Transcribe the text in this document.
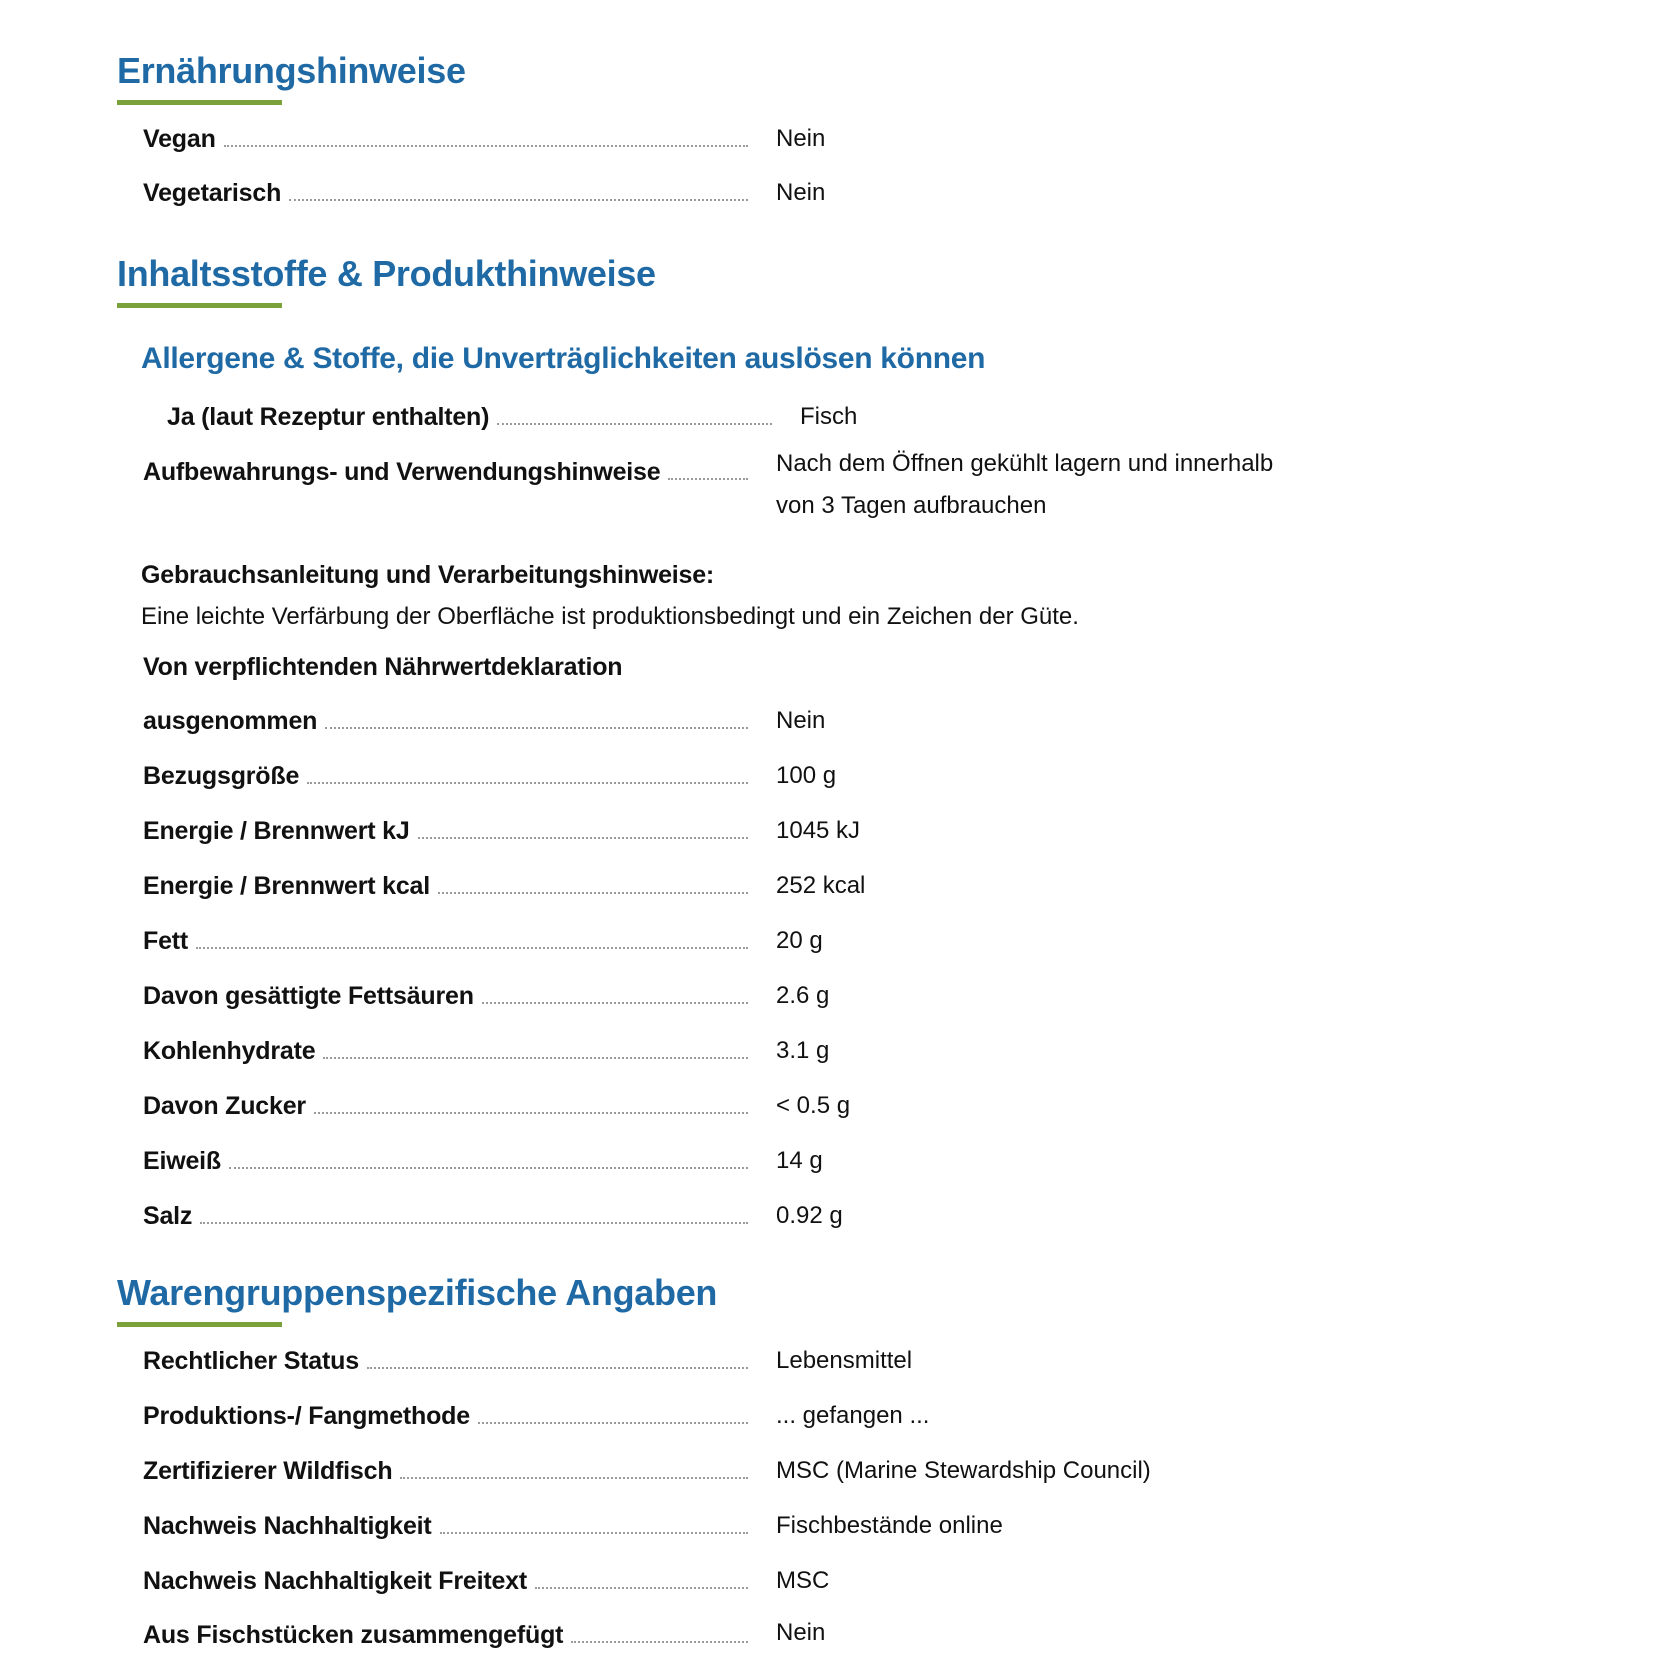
Ernährungshinweise
Vegan	Nein
Vegetarisch	Nein
Inhaltsstoffe & Produkthinweise
Allergene & Stoffe, die Unverträglichkeiten auslösen können
Ja (laut Rezeptur enthalten)	Fisch
Aufbewahrungs- und Verwendungshinweise	Nach dem Öffnen gekühlt lagern und innerhalb
von 3 Tagen aufbrauchen
Gebrauchsanleitung und Verarbeitungshinweise:
Eine leichte Verfärbung der Oberfläche ist produktionsbedingt und ein Zeichen der Güte.
Von verpflichtenden Nährwertdeklaration
ausgenommen	Nein
Bezugsgröße	100 g
Energie / Brennwert kJ	1045 kJ
Energie / Brennwert kcal	252 kcal
Fett	20 g
Davon gesättigte Fettsäuren	2.6 g
Kohlenhydrate	3.1 g
Davon Zucker	< 0.5 g
Eiweiß	14 g
Salz	0.92 g
Warengruppenspezifische Angaben
Rechtlicher Status	Lebensmittel
Produktions-/ Fangmethode	... gefangen ...
Zertifizierer Wildfisch	MSC (Marine Stewardship Council)
Nachweis Nachhaltigkeit	Fischbestände online
Nachweis Nachhaltigkeit Freitext	MSC
Aus Fischstücken zusammengefügt	Nein
